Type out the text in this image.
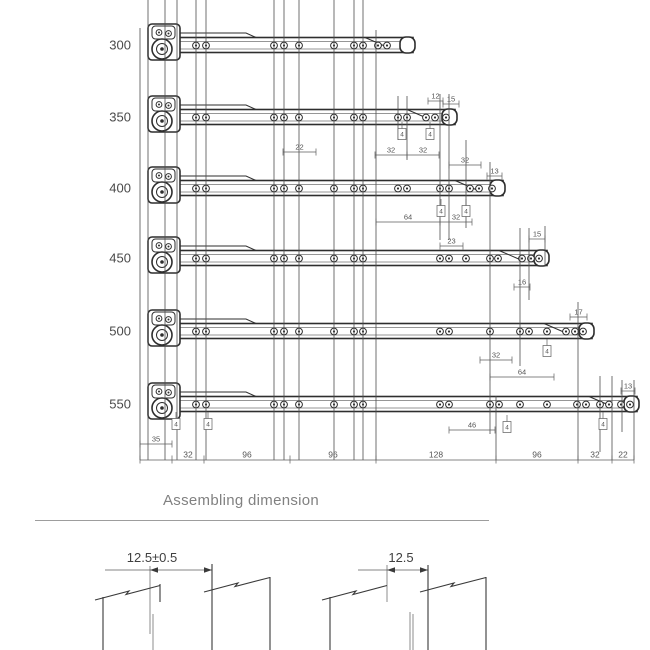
300
350
400
450
500
550
12 15
22	32	32
32
13
64	32
23
15
16
17
32
64
13
46
35
4	4
4	4
4
4	4	4	4
32	96	96	128	96	32 22
Assembling dimension
12.5±0.5	12.5
